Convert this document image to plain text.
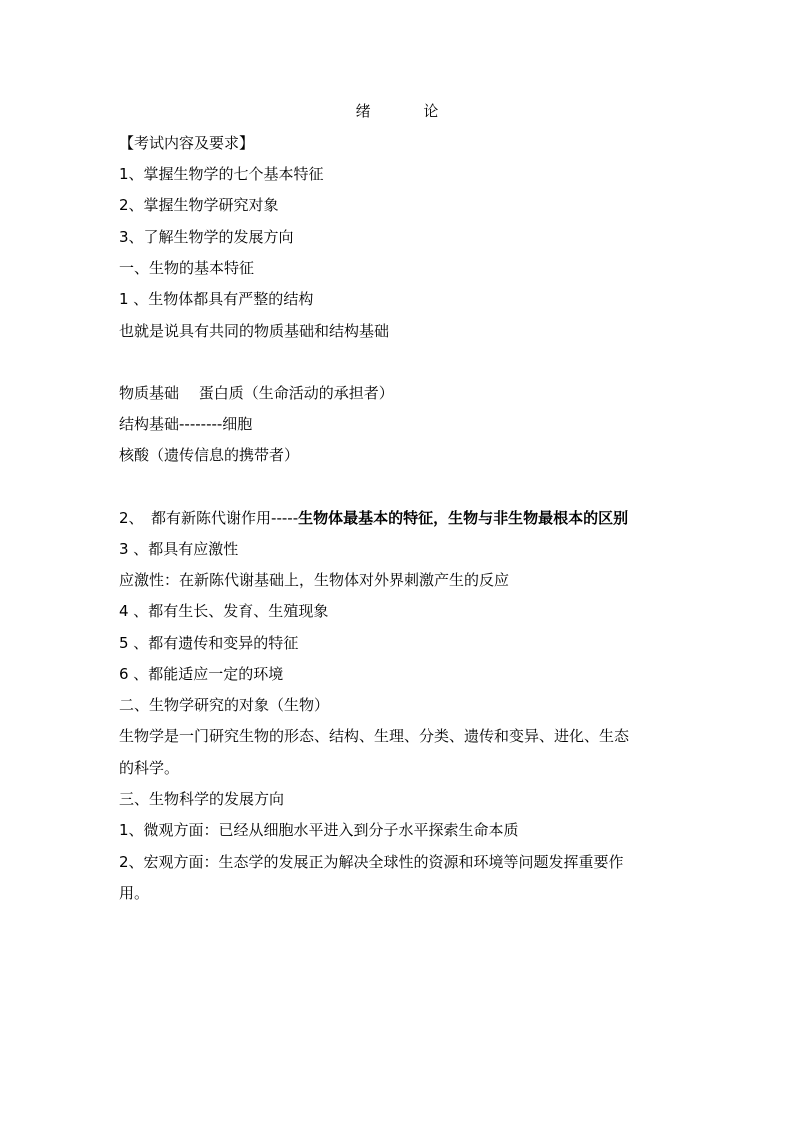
绪 论
【考试内容及要求】
1、掌握生物学的七个基本特征
2、掌握生物学研究对象
3、了解生物学的发展方向
一、生物的基本特征
1 、生物体都具有严整的结构
也就是说具有共同的物质基础和结构基础
物质基础　 蛋白质（生命活动的承担者）
结构基础--------细胞
核酸（遗传信息的携带者）
2、　都有新陈代谢作用-----生物体最基本的特征，生物与非生物最根本的区别
3 、都具有应激性
应激性：在新陈代谢基础上，生物体对外界刺激产生的反应
4 、都有生长、发育、生殖现象
5 、都有遗传和变异的特征
6 、都能适应一定的环境
二、生物学研究的对象（生物）
生物学是一门研究生物的形态、结构、生理、分类、遗传和变异、进化、生态
的科学。
三、生物科学的发展方向
1、微观方面：已经从细胞水平进入到分子水平探索生命本质
2、宏观方面：生态学的发展正为解决全球性的资源和环境等问题发挥重要作
用。
